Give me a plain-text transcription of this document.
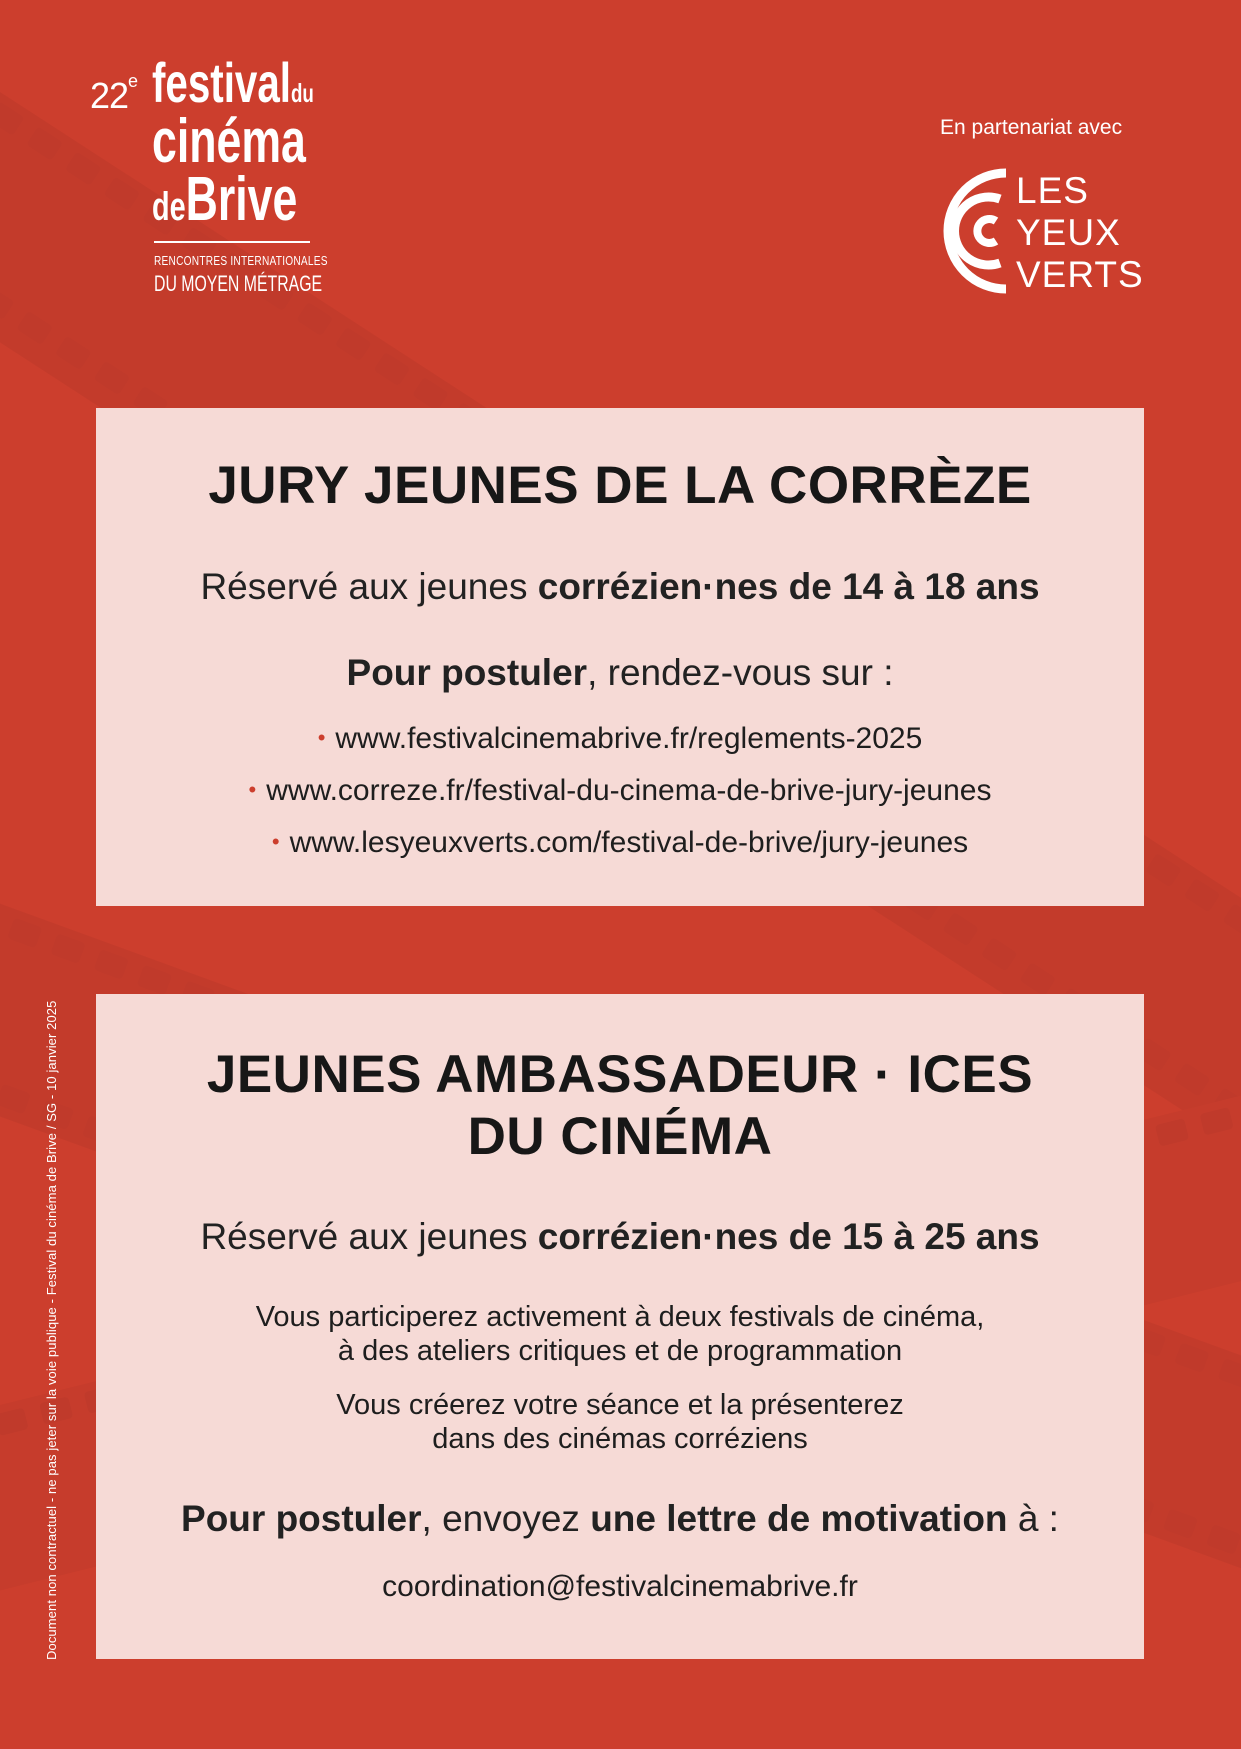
22e festivaldu
cinéma
deBrive
RENCONTRES INTERNATIONALES
DU MOYEN MÉTRAGE
En partenariat avec
LES
YEUX
VERTS
JURY JEUNES DE LA CORRÈZE
Réservé aux jeunes corrézien·nes de 14 à 18 ans
Pour postuler, rendez-vous sur :
• www.festivalcinemabrive.fr/reglements-2025
• www.correze.fr/festival-du-cinema-de-brive-jury-jeunes
• www.lesyeuxverts.com/festival-de-brive/jury-jeunes
JEUNES AMBASSADEUR · ICES
DU CINÉMA
Réservé aux jeunes corrézien·nes de 15 à 25 ans
Vous participerez activement à deux festivals de cinéma,
à des ateliers critiques et de programmation
Vous créerez votre séance et la présenterez
dans des cinémas corréziens
Pour postuler, envoyez une lettre de motivation à :
coordination@festivalcinemabrive.fr
Document non contractuel - ne pas jeter sur la voie publique - Festival du cinéma de Brive / SG - 10 janvier 2025
